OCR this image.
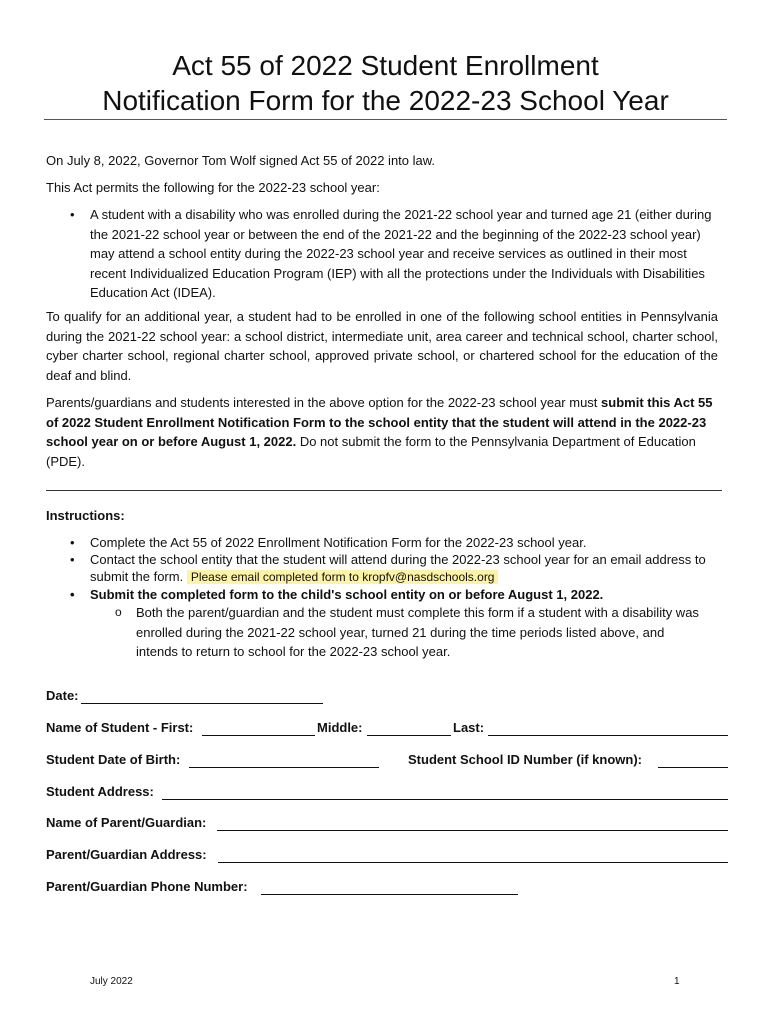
Act 55 of 2022 Student Enrollment
Notification Form for the 2022-23 School Year
On July 8, 2022, Governor Tom Wolf signed Act 55 of 2022 into law.
This Act permits the following for the 2022-23 school year:
• A student with a disability who was enrolled during the 2021-22 school year and turned age 21 (either during the 2021-22 school year or between the end of the 2021-22 and the beginning of the 2022-23 school year) may attend a school entity during the 2022-23 school year and receive services as outlined in their most recent Individualized Education Program (IEP) with all the protections under the Individuals with Disabilities Education Act (IDEA).
To qualify for an additional year, a student had to be enrolled in one of the following school entities in Pennsylvania during the 2021-22 school year: a school district, intermediate unit, area career and technical school, charter school, cyber charter school, regional charter school, approved private school, or chartered school for the education of the deaf and blind.
Parents/guardians and students interested in the above option for the 2022-23 school year must submit this Act 55 of 2022 Student Enrollment Notification Form to the school entity that the student will attend in the 2022-23 school year on or before August 1, 2022. Do not submit the form to the Pennsylvania Department of Education (PDE).
Instructions:
• Complete the Act 55 of 2022 Enrollment Notification Form for the 2022-23 school year.
• Contact the school entity that the student will attend during the 2022-23 school year for an email address to submit the form. Please email completed form to kropfv@nasdschools.org
• Submit the completed form to the child's school entity on or before August 1, 2022.
o Both the parent/guardian and the student must complete this form if a student with a disability was enrolled during the 2021-22 school year, turned 21 during the time periods listed above, and intends to return to school for the 2022-23 school year.
Date:
Name of Student - First:	Middle:	Last:
Student Date of Birth:	Student School ID Number (if known):
Student Address:
Name of Parent/Guardian:
Parent/Guardian Address:
Parent/Guardian Phone Number:
July 2022	1
